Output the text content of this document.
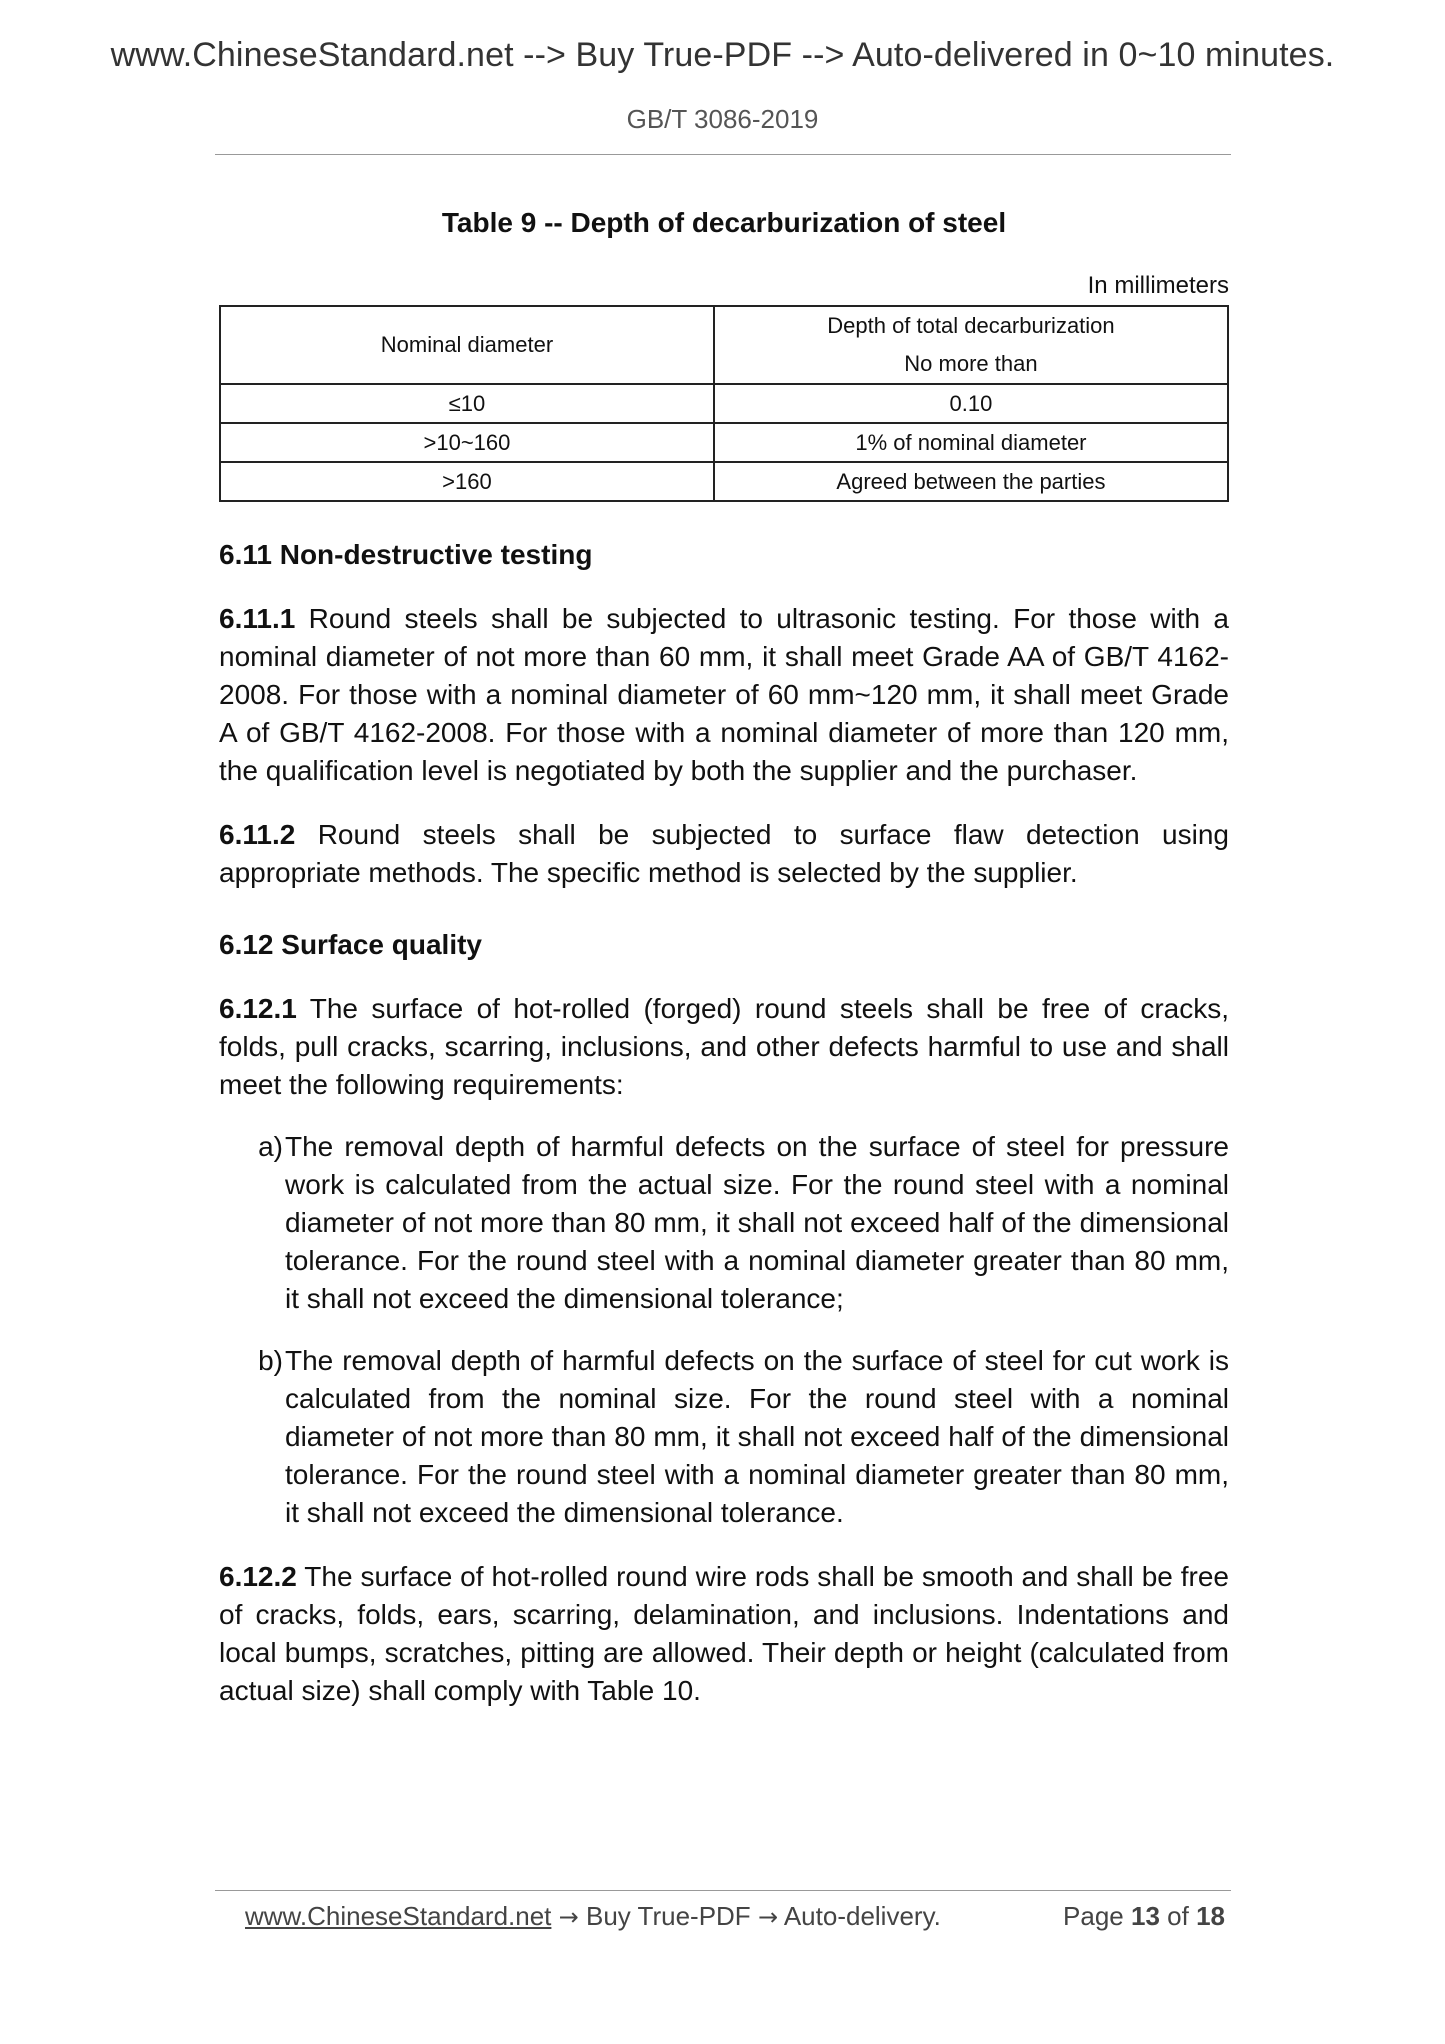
www.ChineseStandard.net --> Buy True-PDF --> Auto-delivered in 0~10 minutes.
GB/T 3086-2019
Table 9 -- Depth of decarburization of steel
In millimeters
Nominal diameter	Depth of total decarburization
No more than

≤10	0.10
>10~160	1% of nominal diameter
>160	Agreed between the parties
6.11 Non-destructive testing

6.11.1 Round steels shall be subjected to ultrasonic testing. For those with a nominal diameter of not more than 60 mm, it shall meet Grade AA of GB/T 4162-2008. For those with a nominal diameter of 60 mm~120 mm, it shall meet Grade A of GB/T 4162-2008. For those with a nominal diameter of more than 120 mm, the qualification level is negotiated by both the supplier and the purchaser.

6.11.2 Round steels shall be subjected to surface flaw detection using appropriate methods. The specific method is selected by the supplier.

6.12 Surface quality

6.12.1 The surface of hot-rolled (forged) round steels shall be free of cracks, folds, pull cracks, scarring, inclusions, and other defects harmful to use and shall meet the following requirements:

a) The removal depth of harmful defects on the surface of steel for pressure work is calculated from the actual size. For the round steel with a nominal diameter of not more than 80 mm, it shall not exceed half of the dimensional tolerance. For the round steel with a nominal diameter greater than 80 mm, it shall not exceed the dimensional tolerance;
b) The removal depth of harmful defects on the surface of steel for cut work is calculated from the nominal size. For the round steel with a nominal diameter of not more than 80 mm, it shall not exceed half of the dimensional tolerance. For the round steel with a nominal diameter greater than 80 mm, it shall not exceed the dimensional tolerance.

6.12.2 The surface of hot-rolled round wire rods shall be smooth and shall be free of cracks, folds, ears, scarring, delamination, and inclusions. Indentations and local bumps, scratches, pitting are allowed. Their depth or height (calculated from actual size) shall comply with Table 10.

www.ChineseStandard.net → Buy True-PDF → Auto-delivery.	Page 13 of 18
